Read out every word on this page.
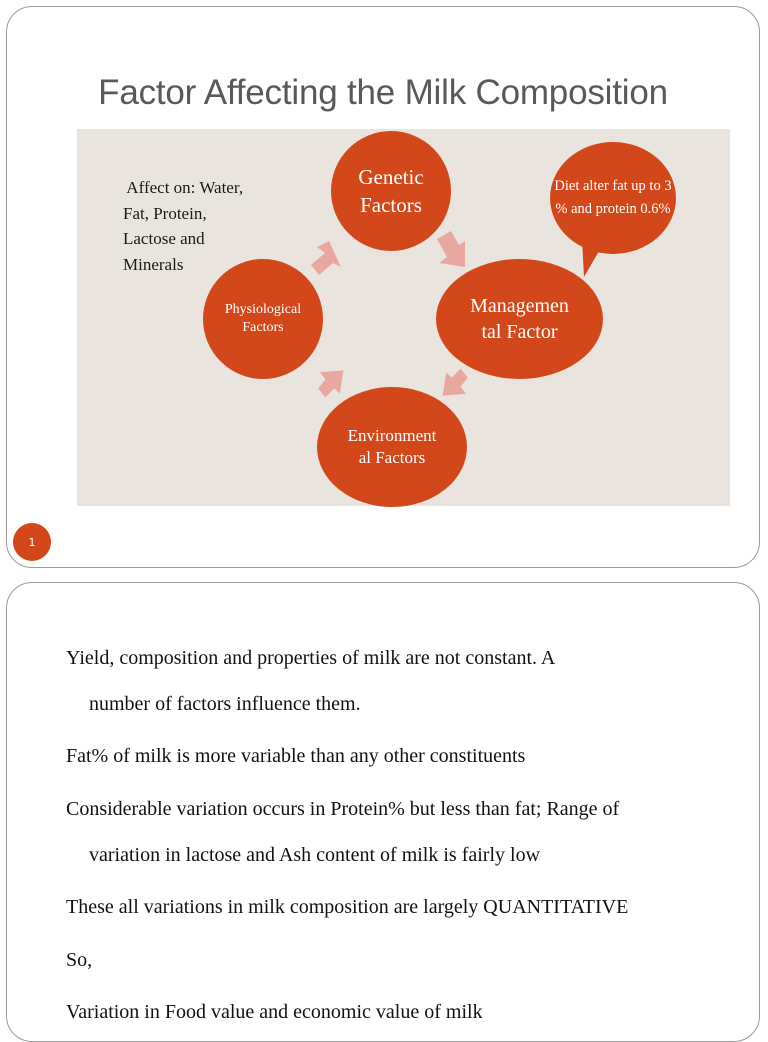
Factor Affecting the Milk Composition
Affect on: Water,
Fat, Protein,
Lactose and
Minerals
Genetic
Factors
Physiological
Factors
Managemen
tal Factor
Environment
al Factors
Diet alter fat up to 3 % and protein 0.6%
1

Yield, composition and properties of milk are not constant. A

number of factors influence them.

Fat% of milk is more variable than any other constituents

Considerable variation occurs in Protein% but less than fat; Range of

variation in lactose and Ash content of milk is fairly low

These all variations in milk composition are largely QUANTITATIVE

So,

Variation in Food value and economic value of milk
